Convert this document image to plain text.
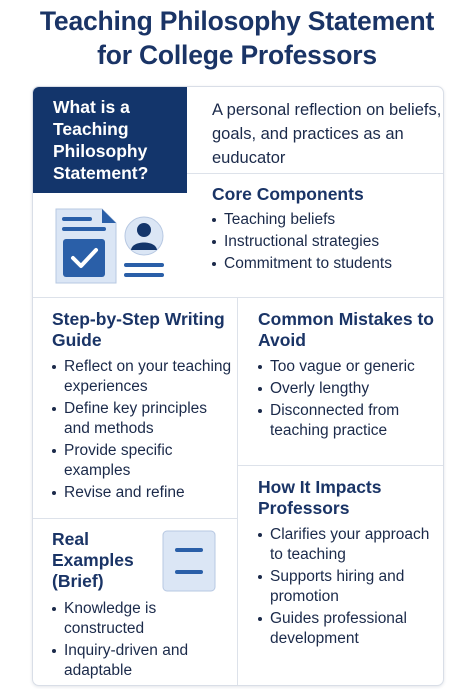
Teaching Philosophy Statement
for College Professors
What is a Teaching Philosophy Statement?
A personal reflection on beliefs, goals, and practices as an euducator
Core Components
Teaching beliefs
Instructional strategies
Commitment to students
Step-by-Step Writing Guide
Reflect on your teaching experiences
Define key principles and methods
Provide specific examples
Revise and refine
Common Mistakes to Avoid
Too vague or generic
Overly lengthy
Disconnected from teaching practice
How It Impacts Professors
Clarifies your approach to teaching
Supports hiring and promotion
Guides professional development
Real Examples (Brief)
Knowledge is constructed
Inquiry-driven and adaptable
